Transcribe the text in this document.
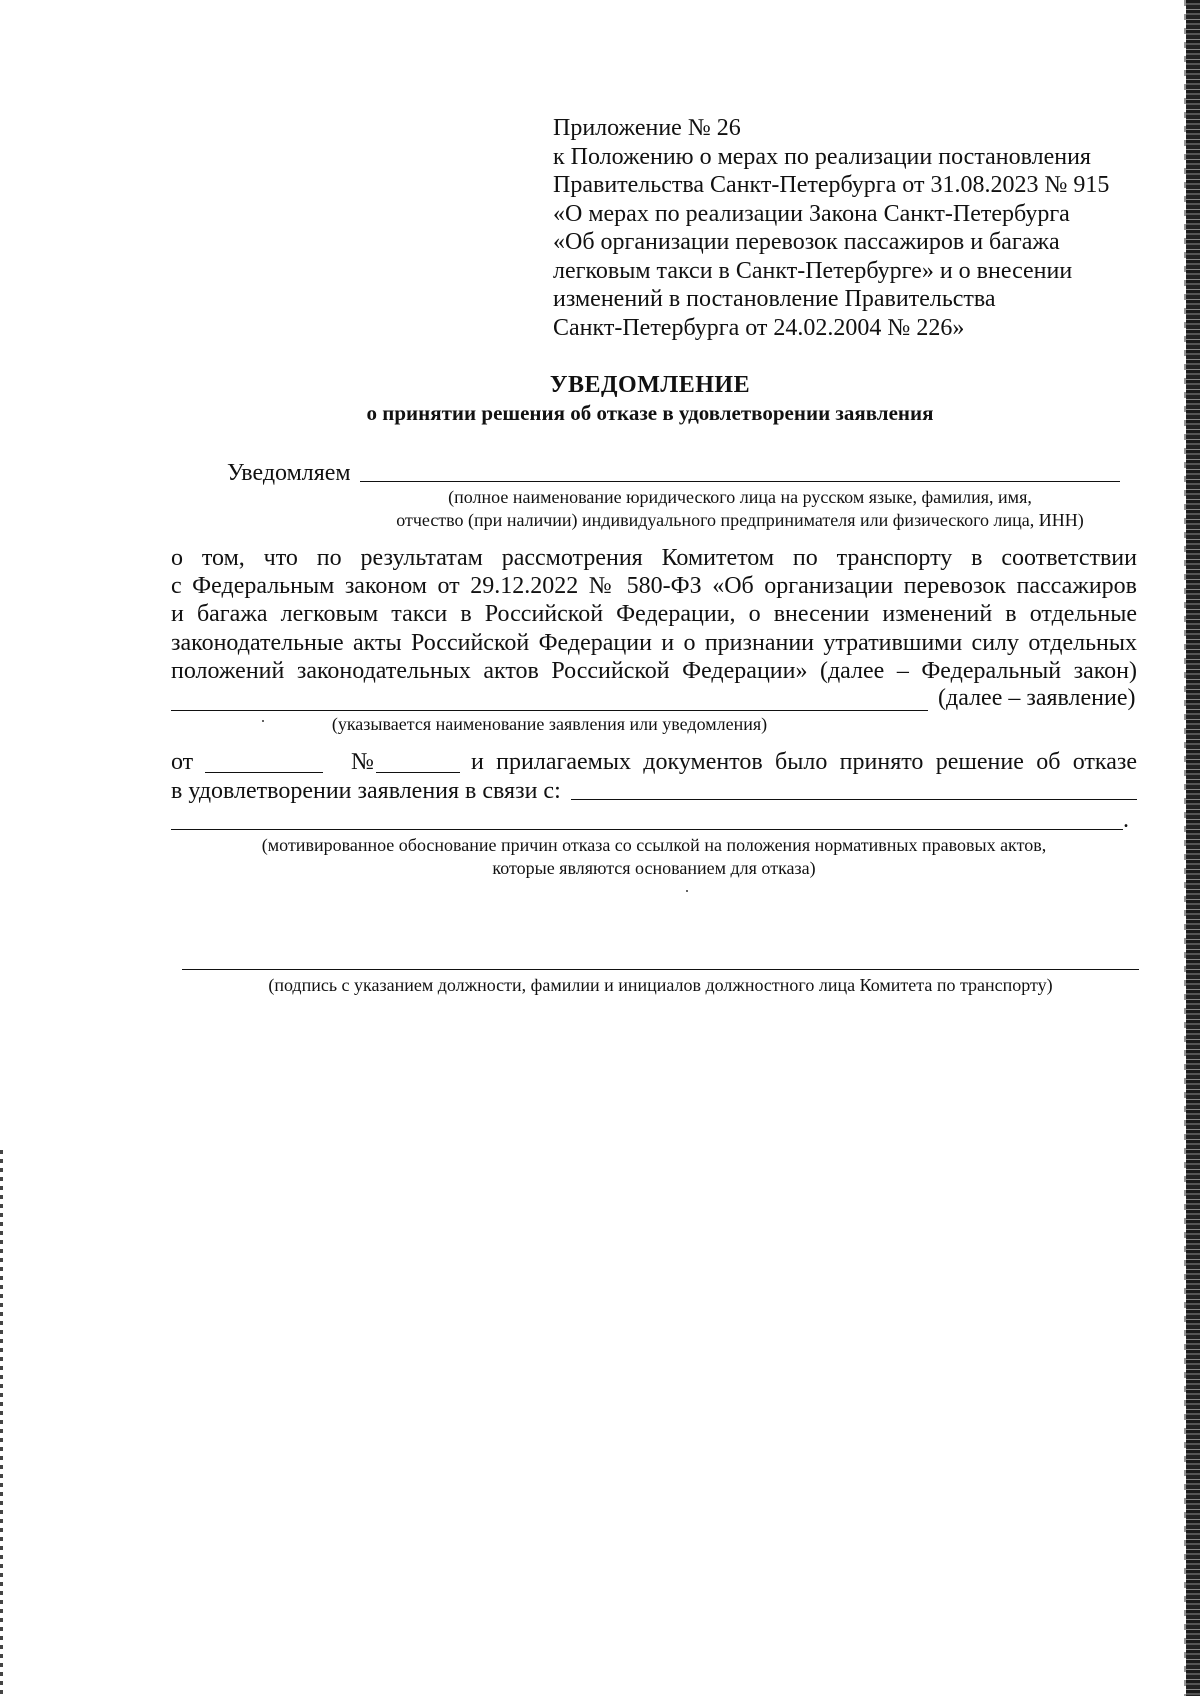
Приложение № 26
к Положению о мерах по реализации постановления
Правительства Санкт-Петербурга от 31.08.2023 № 915
«О мерах по реализации Закона Санкт-Петербурга
«Об организации перевозок пассажиров и багажа
легковым такси в Санкт-Петербурге» и о внесении
изменений в постановление Правительства
Санкт-Петербурга от 24.02.2004 № 226»
УВЕДОМЛЕНИЕ
о принятии решения об отказе в удовлетворении заявления
Уведомляем
(полное наименование юридического лица на русском языке, фамилия, имя,
отчество (при наличии) индивидуального предпринимателя или физического лица, ИНН)
о том, что по результатам рассмотрения Комитетом по транспорту в соответствии
с Федеральным законом от 29.12.2022 № 580-ФЗ «Об организации перевозок пассажиров
и багажа легковым такси в Российской Федерации, о внесении изменений в отдельные
законодательные акты Российской Федерации и о признании утратившими силу отдельных
положений законодательных актов Российской Федерации» (далее – Федеральный закон)
(далее – заявление)
(указывается наименование заявления или уведомления)
от	№	и прилагаемых документов было принято решение об отказе
в удовлетворении заявления в связи с:
.
(мотивированное обоснование причин отказа со ссылкой на положения нормативных правовых актов,
которые являются основанием для отказа)
(подпись с указанием должности, фамилии и инициалов должностного лица Комитета по транспорту)
